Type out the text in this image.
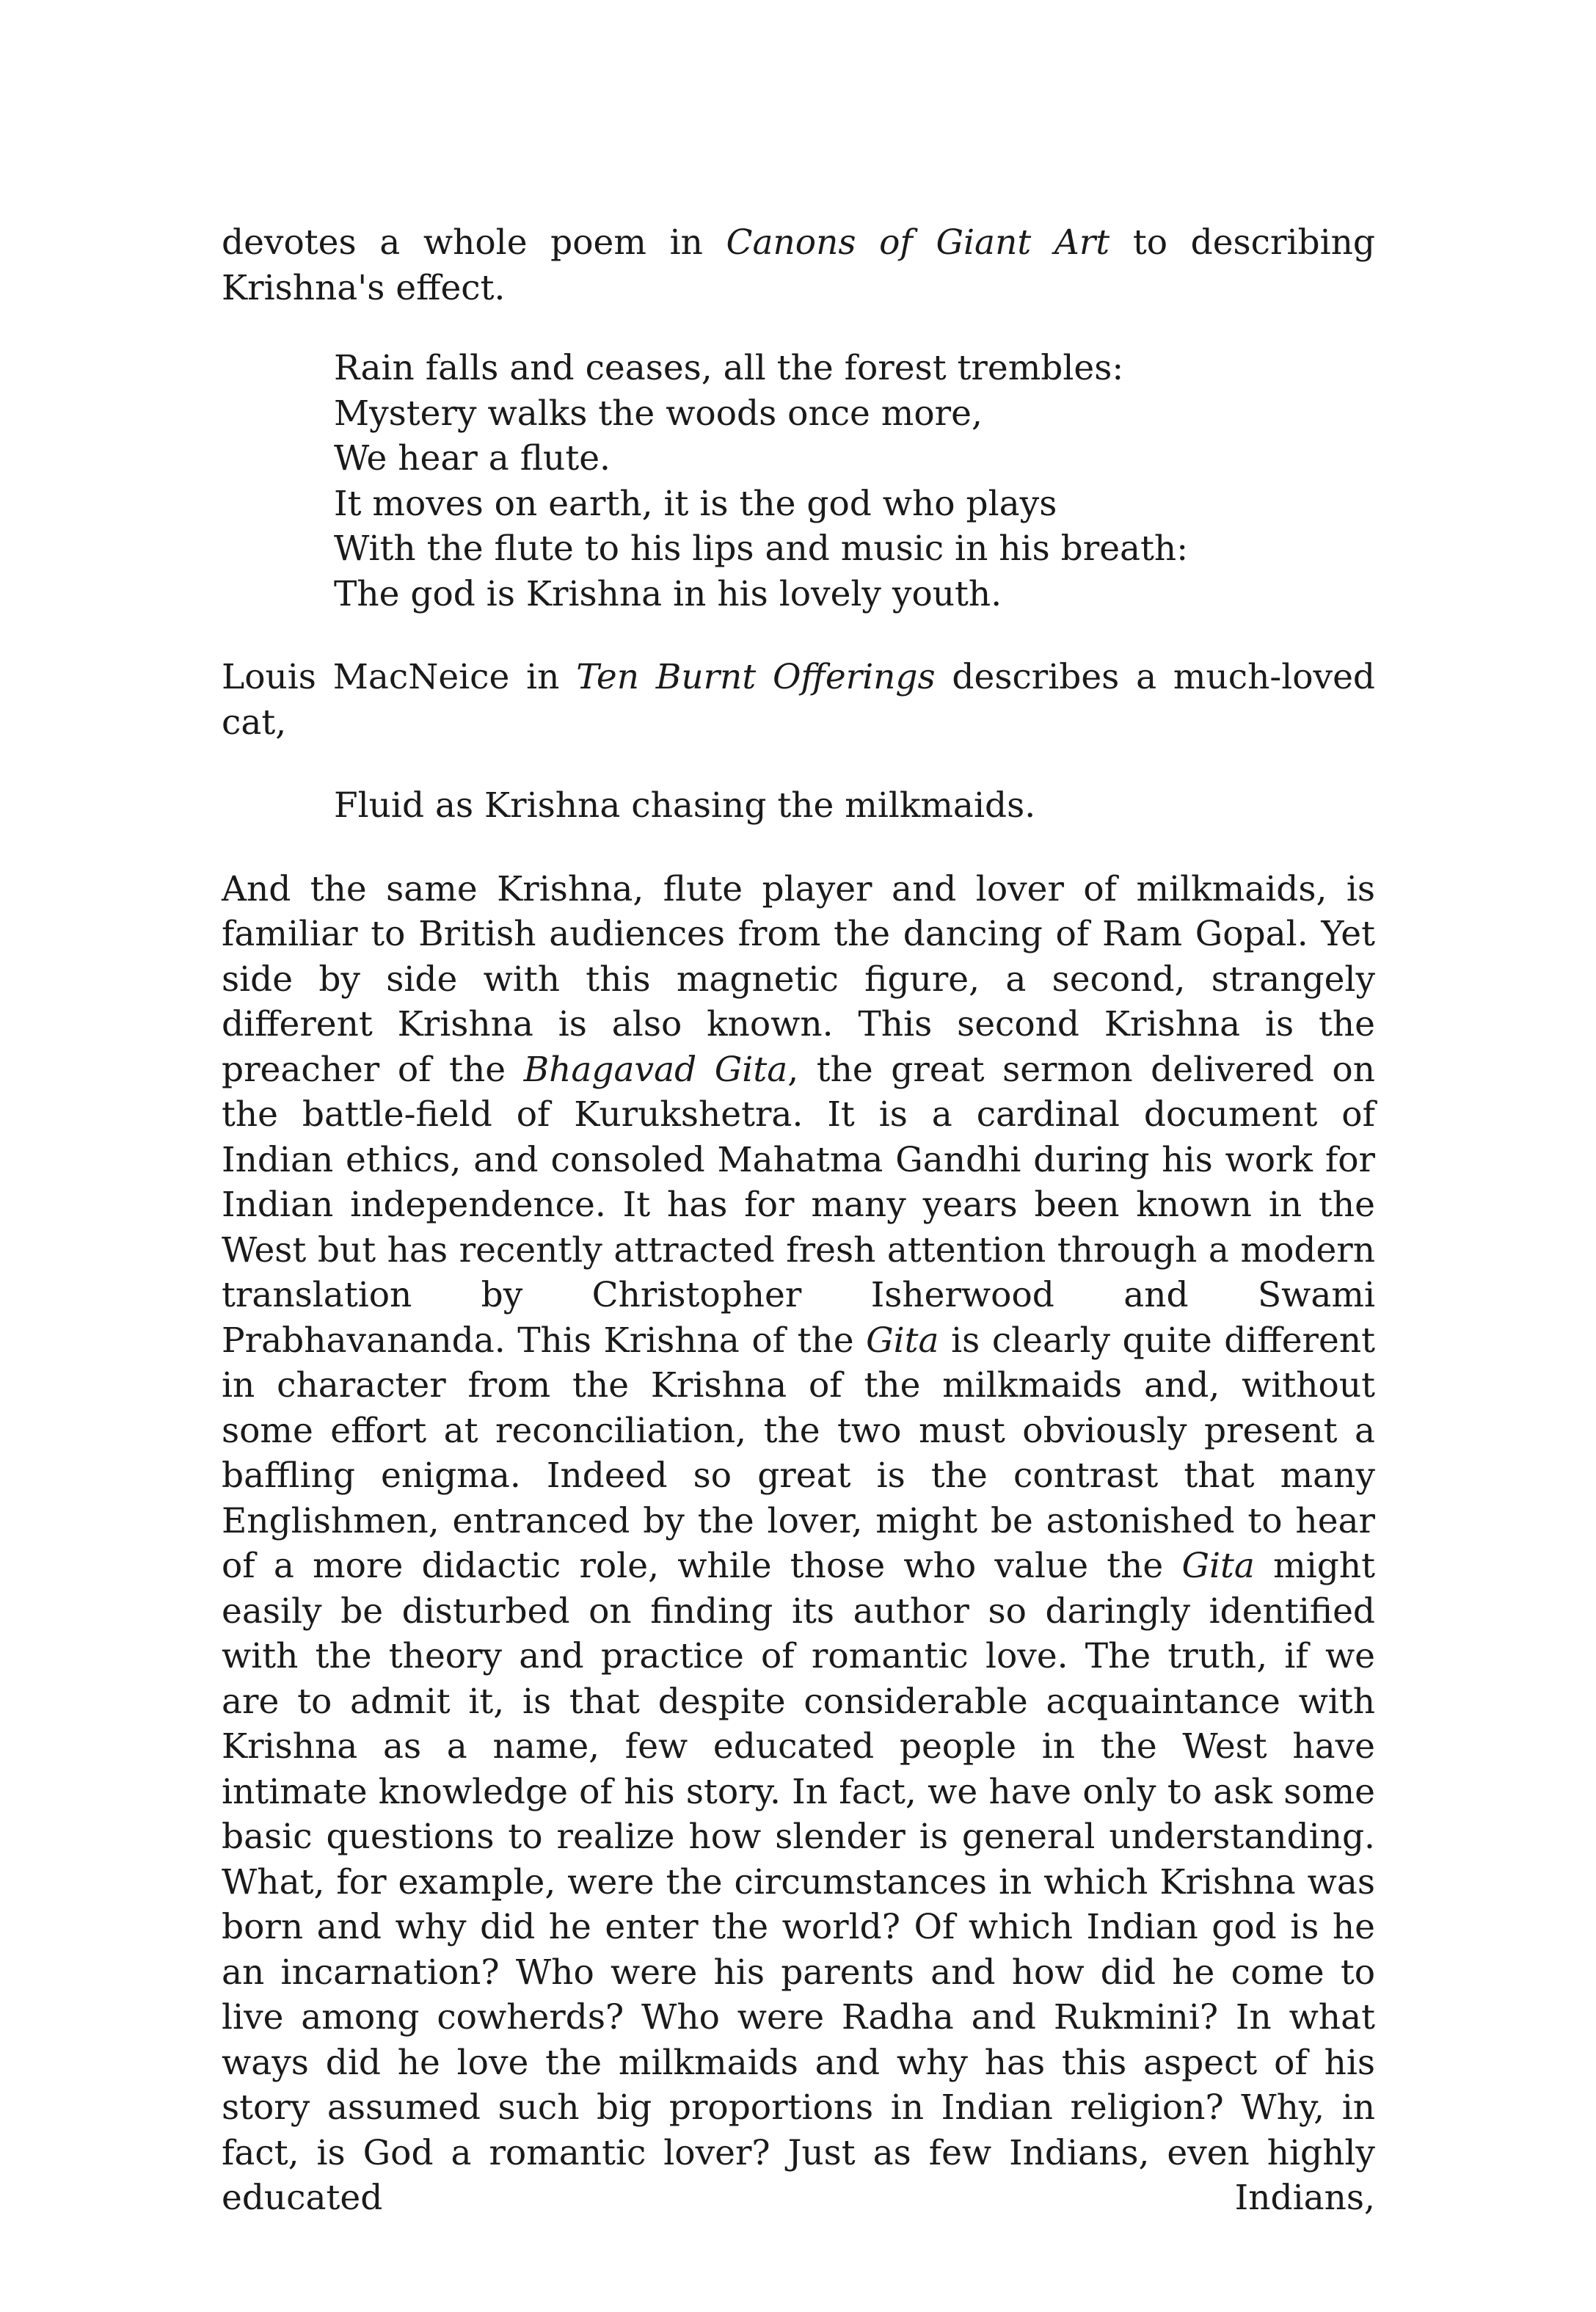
devotes a whole poem in Canons of Giant Art to describing Krishna's effect.

Rain falls and ceases, all the forest trembles:
Mystery walks the woods once more,
We hear a flute.
It moves on earth, it is the god who plays
With the flute to his lips and music in his breath:
The god is Krishna in his lovely youth.

Louis MacNeice in Ten Burnt Offerings describes a much-loved cat,

Fluid as Krishna chasing the milkmaids.

And the same Krishna, flute player and lover of milkmaids, is familiar to British audiences from the dancing of Ram Gopal. Yet side by side with this magnetic figure, a second, strangely different Krishna is also known. This second Krishna is the preacher of the Bhagavad Gita, the great sermon delivered on the battle-field of Kurukshetra. It is a cardinal document of Indian ethics, and consoled Mahatma Gandhi during his work for Indian independence. It has for many years been known in the West but has recently attracted fresh attention through a modern translation by Christopher Isherwood and Swami Prabhavananda. This Krishna of the Gita is clearly quite different in character from the Krishna of the milkmaids and, without some effort at reconciliation, the two must obviously present a baffling enigma. Indeed so great is the contrast that many Englishmen, entranced by the lover, might be astonished to hear of a more didactic role, while those who value the Gita might easily be disturbed on finding its author so daringly identified with the theory and practice of romantic love. The truth, if we are to admit it, is that despite considerable acquaintance with Krishna as a name, few educated people in the West have intimate knowledge of his story. In fact, we have only to ask some basic questions to realize how slender is general understanding. What, for example, were the circumstances in which Krishna was born and why did he enter the world? Of which Indian god is he an incarnation? Who were his parents and how did he come to live among cowherds? Who were Radha and Rukmini? In what ways did he love the milkmaids and why has this aspect of his story assumed such big proportions in Indian religion? Why, in fact, is God a romantic lover? Just as few Indians, even highly educated Indians,
